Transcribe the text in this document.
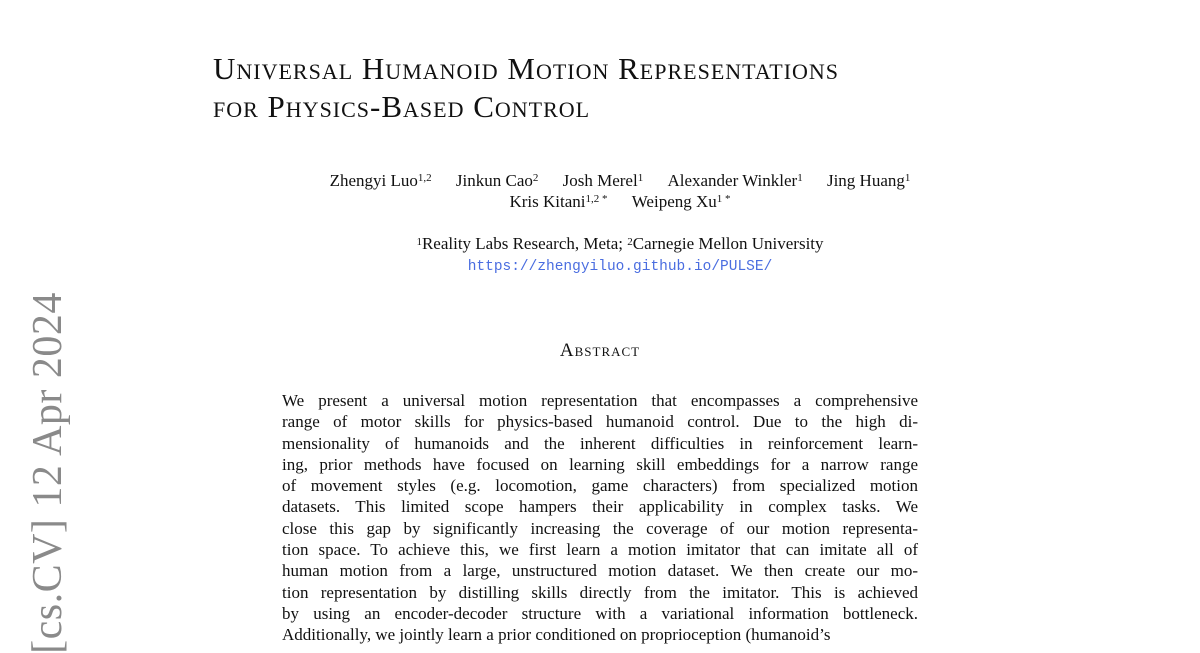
[cs.CV] 12 Apr 2024
Universal Humanoid Motion Representations
for Physics-Based Control
Zhengyi Luo$^{1,2}$ Jinkun Cao$^2$ Josh Merel$^1$ Alexander Winkler$^1$ Jing Huang$^1$
Kris Kitani$^{1,2 *}$ Weipeng $Xu^{1 *}$
$^1$Reality Labs Research, Meta; $^2$Carnegie Mellon University
https://zhengyiluo.github.io/PULSE/
Abstract
We present a universal motion representation that encompasses a comprehensive
range of motor skills for physics-based humanoid control. Due to the high di-
mensionality of humanoids and the inherent difficulties in reinforcement learn-
ing, prior methods have focused on learning skill embeddings for a narrow range
of movement styles (e.g. locomotion, game characters) from specialized motion
datasets. This limited scope hampers their applicability in complex tasks. We
close this gap by significantly increasing the coverage of our motion representa-
tion space. To achieve this, we first learn a motion imitator that can imitate all of
human motion from a large, unstructured motion dataset. We then create our mo-
tion representation by distilling skills directly from the imitator. This is achieved
by using an encoder-decoder structure with a variational information bottleneck.
Additionally, we jointly learn a prior conditioned on proprioception (humanoid’s
